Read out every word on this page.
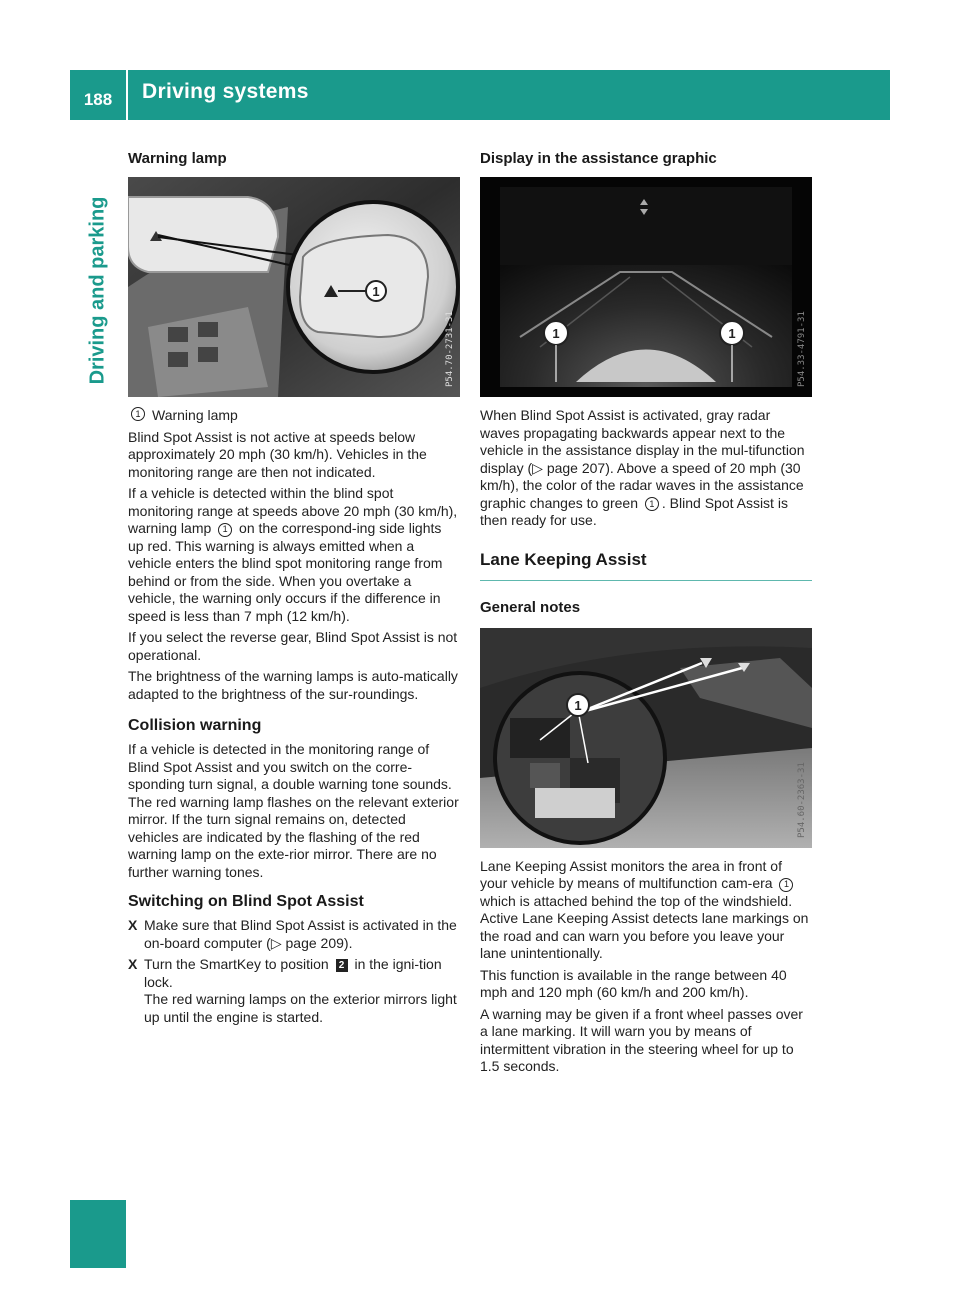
188	Driving systems
Driving and parking
Warning lamp
1
P54.70-2731-31
1 Warning lamp

Blind Spot Assist is not active at speeds below approximately 20 mph (30 km/h). Vehicles in the monitoring range are then not indicated.

If a vehicle is detected within the blind spot monitoring range at speeds above 20 mph (30 km/h), warning lamp 1 on the correspond-ing side lights up red. This warning is always emitted when a vehicle enters the blind spot monitoring range from behind or from the side. When you overtake a vehicle, the warning only occurs if the difference in speed is less than 7 mph (12 km/h).

If you select the reverse gear, Blind Spot Assist is not operational.

The brightness of the warning lamps is auto-matically adapted to the brightness of the sur-roundings.

Collision warning

If a vehicle is detected in the monitoring range of Blind Spot Assist and you switch on the corre-sponding turn signal, a double warning tone sounds. The red warning lamp flashes on the relevant exterior mirror. If the turn signal remains on, detected vehicles are indicated by the flashing of the red warning lamp on the exte-rior mirror. There are no further warning tones.

Switching on Blind Spot Assist
X Make sure that Blind Spot Assist is activated in the on-board computer (▷ page 209).
X Turn the SmartKey to position 2 in the igni-tion lock.
The red warning lamps on the exterior mirrors light up until the engine is started.
Display in the assistance graphic
1	1	P54.33-4791-31

When Blind Spot Assist is activated, gray radar waves propagating backwards appear next to the vehicle in the assistance display in the mul-tifunction display (▷ page 207). Above a speed of 20 mph (30 km/h), the color of the radar waves in the assistance graphic changes to green 1 . Blind Spot Assist is then ready for use.

Lane Keeping Assist
General notes
1
P54.60-2363-31

Lane Keeping Assist monitors the area in front of your vehicle by means of multifunction cam-era 1 which is attached behind the top of the windshield. Active Lane Keeping Assist detects lane markings on the road and can warn you before you leave your lane unintentionally.

This function is available in the range between 40 mph and 120 mph (60 km/h and 200 km/h).

A warning may be given if a front wheel passes over a lane marking. It will warn you by means of intermittent vibration in the steering wheel for up to 1.5 seconds.
